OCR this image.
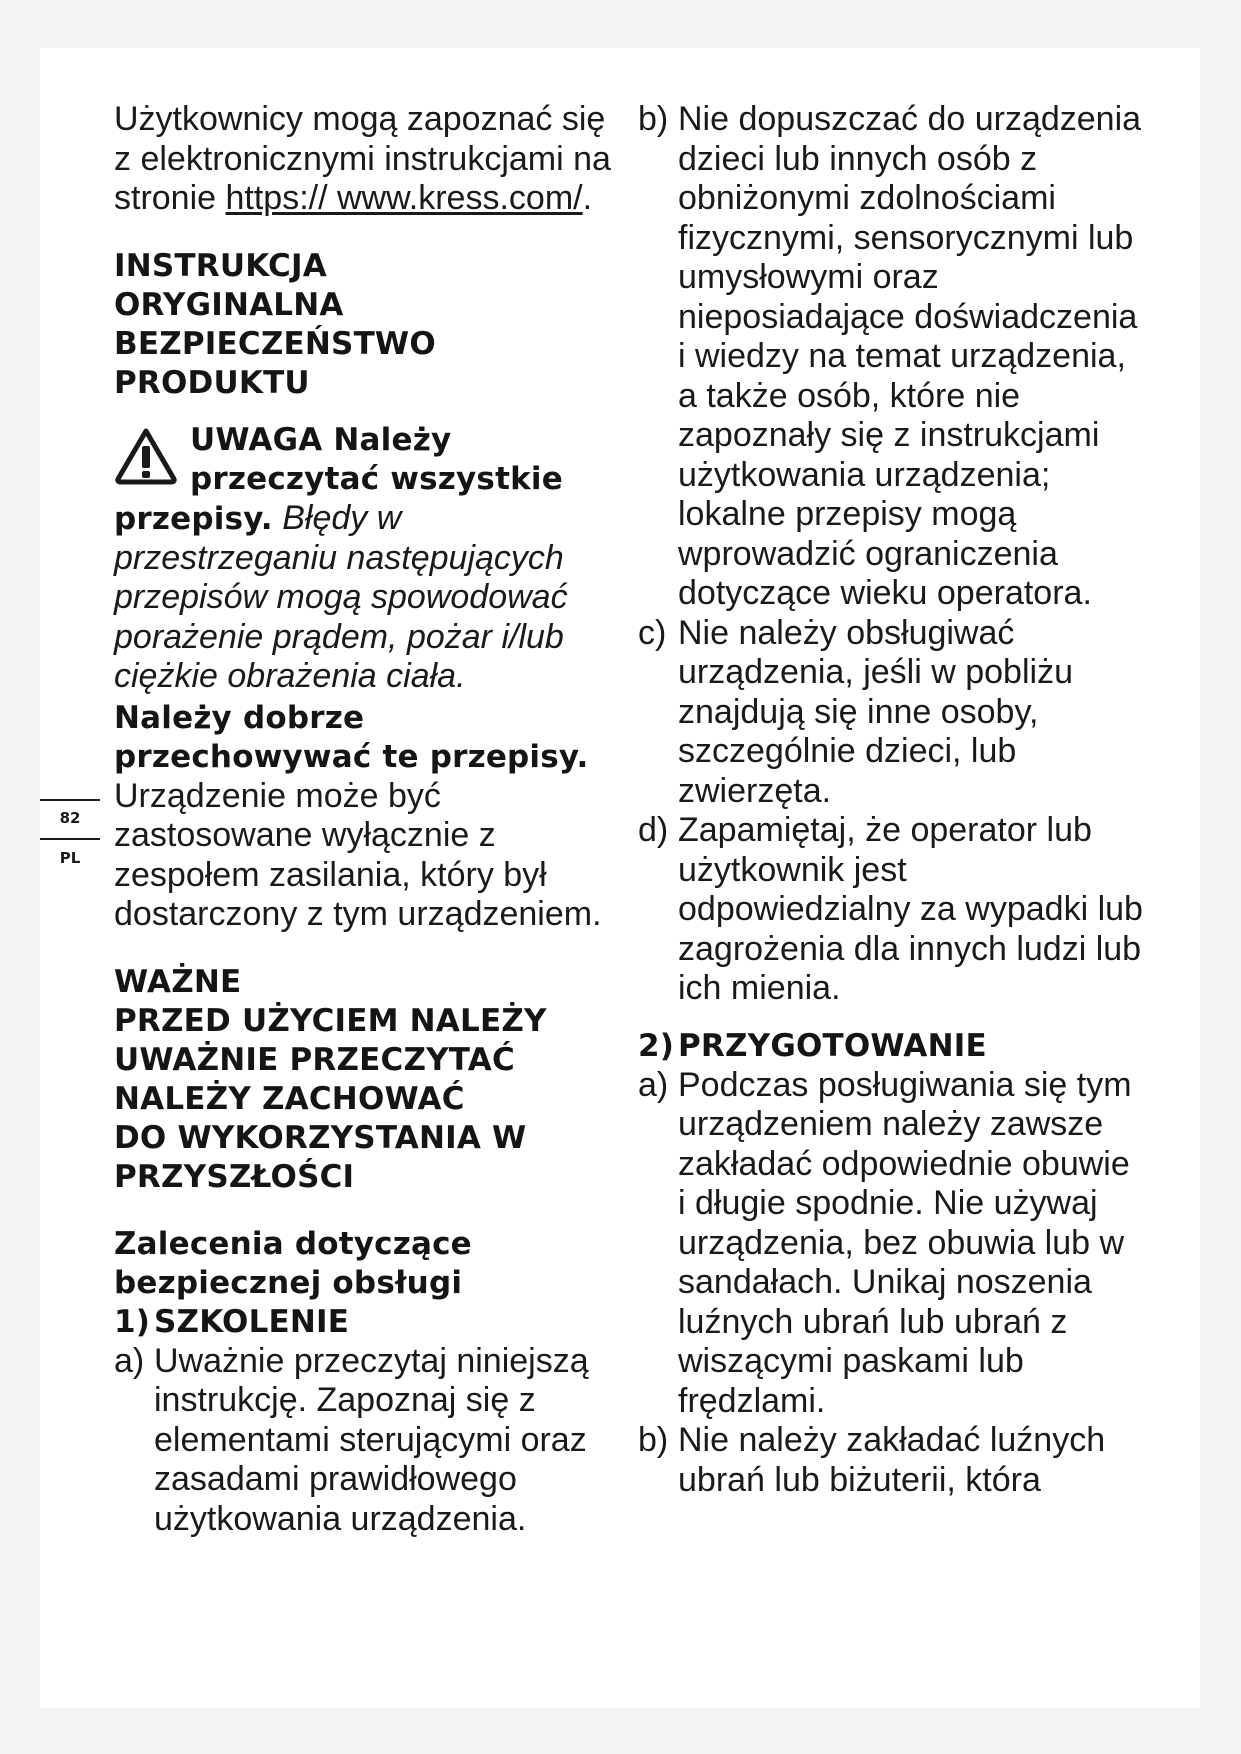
82
PL

Użytkownicy mogą zapoznać się z elektronicznymi instrukcjami na stronie https:// www.kress.com/.

INSTRUKCJA
ORYGINALNA
BEZPIECZEŃSTWO
PRODUKTU
UWAGA Należy przeczytać wszystkie

przepisy. Błędy w przestrzeganiu następujących przepisów mogą spowodować porażenie prądem, pożar i/lub ciężkie obrażenia ciała.

Należy dobrze przechowywać te przepisy.

Urządzenie może być zastosowane wyłącznie z zespołem zasilania, który był dostarczony z tym urządzeniem.

WAŻNE
PRZED UŻYCIEM NALEŻY
UWAŻNIE PRZECZYTAĆ
NALEŻY ZACHOWAĆ
DO WYKORZYSTANIA W
PRZYSZŁOŚCI
Zalecenia dotyczące
bezpiecznej obsługi
1) SZKOLENIE
a) Uważnie przeczytaj niniejszą instrukcję. Zapoznaj się z elementami sterującymi oraz zasadami prawidłowego użytkowania urządzenia.
b) Nie dopuszczać do urządzenia dzieci lub innych osób z obniżonymi zdolnościami fizycznymi, sensorycznymi lub umysłowymi oraz nieposiadające doświadczenia i wiedzy na temat urządzenia, a także osób, które nie zapoznały się z instrukcjami użytkowania urządzenia; lokalne przepisy mogą wprowadzić ograniczenia dotyczące wieku operatora.
c) Nie należy obsługiwać urządzenia, jeśli w pobliżu znajdują się inne osoby, szczególnie dzieci, lub zwierzęta.
d) Zapamiętaj, że operator lub użytkownik jest odpowiedzialny za wypadki lub zagrożenia dla innych ludzi lub ich mienia.
2) PRZYGOTOWANIE
a) Podczas posługiwania się tym urządzeniem należy zawsze zakładać odpowiednie obuwie i długie spodnie. Nie używaj urządzenia, bez obuwia lub w sandałach. Unikaj noszenia luźnych ubrań lub ubrań z wiszącymi paskami lub frędzlami.
b) Nie należy zakładać luźnych ubrań lub biżuterii, która
